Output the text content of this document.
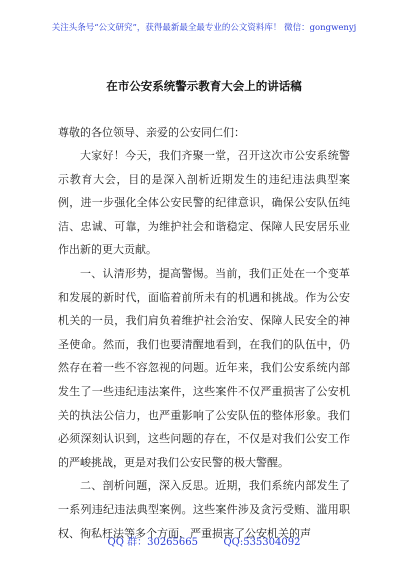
关注头条号“公文研究”，获得最新最全最专业的公文资料库！ 微信：gongwenyj
在市公安系统警示教育大会上的讲话稿

尊敬的各位领导、亲爱的公安同仁们：

大家好！今天，我们齐聚一堂，召开这次市公安系统警示教育大会，目的是深入剖析近期发生的违纪违法典型案例，进一步强化全体公安民警的纪律意识，确保公安队伍纯洁、忠诚、可靠，为维护社会和谐稳定、保障人民安居乐业作出新的更大贡献。

一、认清形势，提高警惕。当前，我们正处在一个变革和发展的新时代，面临着前所未有的机遇和挑战。作为公安机关的一员，我们肩负着维护社会治安、保障人民安全的神圣使命。然而，我们也要清醒地看到，在我们的队伍中，仍然存在着一些不容忽视的问题。近年来，我们公安系统内部发生了一些违纪违法案件，这些案件不仅严重损害了公安机关的执法公信力，也严重影响了公安队伍的整体形象。我们必须深刻认识到，这些问题的存在，不仅是对我们公安工作的严峻挑战，更是对我们公安民警的极大警醒。

二、剖析问题，深入反思。近期，我们系统内部发生了一系列违纪违法典型案例。这些案件涉及贪污受贿、滥用职权、徇私枉法等多个方面，严重损害了公安机关的声

QQ 群：30265665	QQ:535304092
